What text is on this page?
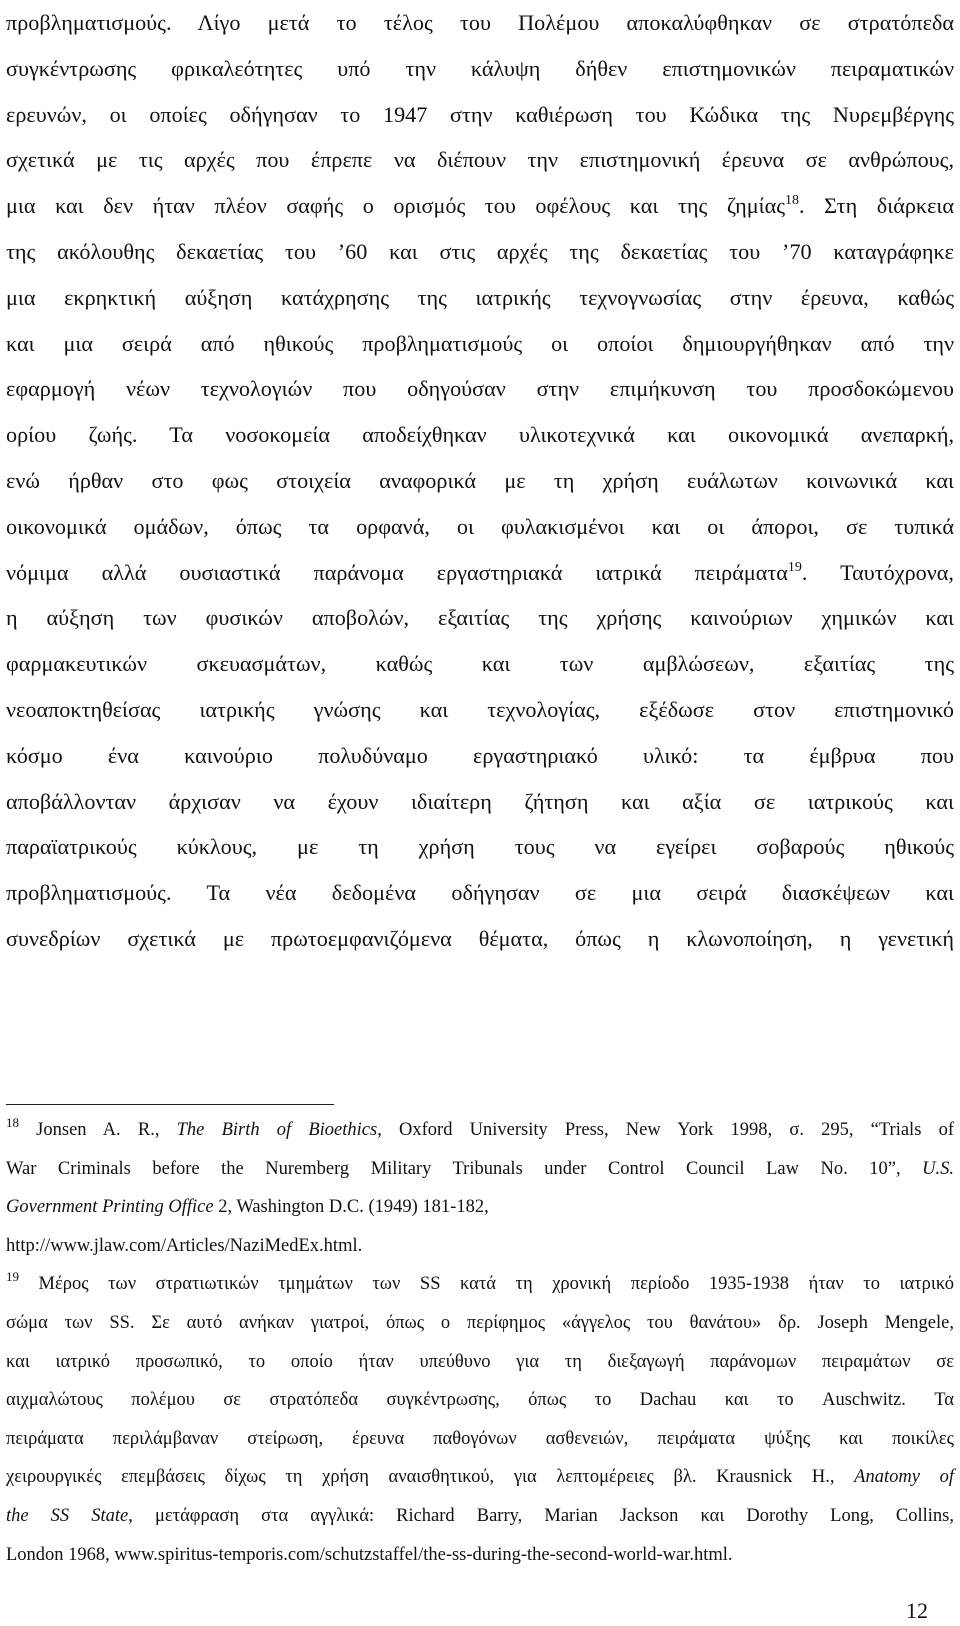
προβληματισμούς. Λίγο μετά το τέλος του Πολέμου αποκαλύφθηκαν σε στρατόπεδα
συγκέντρωσης φρικαλεότητες υπό την κάλυψη δήθεν επιστημονικών πειραματικών
ερευνών, οι οποίες οδήγησαν το 1947 στην καθιέρωση του Κώδικα της Νυρεμβέργης
σχετικά με τις αρχές που έπρεπε να διέπουν την επιστημονική έρευνα σε ανθρώπους,
μια και δεν ήταν πλέον σαφής ο ορισμός του οφέλους και της ζημίας$^{18}$. Στη διάρκεια
της ακόλουθης δεκαετίας του ’60 και στις αρχές της δεκαετίας του ’70 καταγράφηκε
μια εκρηκτική αύξηση κατάχρησης της ιατρικής τεχνογνωσίας στην έρευνα, καθώς
και μια σειρά από ηθικούς προβληματισμούς οι οποίοι δημιουργήθηκαν από την
εφαρμογή νέων τεχνολογιών που οδηγούσαν στην επιμήκυνση του προσδοκώμενου
ορίου ζωής. Τα νοσοκομεία αποδείχθηκαν υλικοτεχνικά και οικονομικά ανεπαρκή,
ενώ ήρθαν στο φως στοιχεία αναφορικά με τη χρήση ευάλωτων κοινωνικά και
οικονομικά ομάδων, όπως τα ορφανά, οι φυλακισμένοι και οι άποροι, σε τυπικά
νόμιμα αλλά ουσιαστικά παράνομα εργαστηριακά ιατρικά πειράματα$^{19}$. Ταυτόχρονα,
η αύξηση των φυσικών αποβολών, εξαιτίας της χρήσης καινούριων χημικών και
φαρμακευτικών σκευασμάτων, καθώς και των αμβλώσεων, εξαιτίας της
νεοαποκτηθείσας ιατρικής γνώσης και τεχνολογίας, εξέδωσε στον επιστημονικό
κόσμο ένα καινούριο πολυδύναμο εργαστηριακό υλικό: τα έμβρυα που
αποβάλλονταν άρχισαν να έχουν ιδιαίτερη ζήτηση και αξία σε ιατρικούς και
παραϊατρικούς κύκλους, με τη χρήση τους να εγείρει σοβαρούς ηθικούς
προβληματισμούς. Τα νέα δεδομένα οδήγησαν σε μια σειρά διασκέψεων και
συνεδρίων σχετικά με πρωτοεμφανιζόμενα θέματα, όπως η κλωνοποίηση, η γενετική

$^{18}$ Jonsen A. R., The Birth of Bioethics, Oxford University Press, New York 1998, σ. 295, “Trials of
War Criminals before the Nuremberg Military Tribunals under Control Council Law No. 10”, U.S.
Government Printing Office 2, Washington D.C. (1949) 181-182,
http://www.jlaw.com/Articles/NaziMedEx.html.
$^{19}$ Μέρος των στρατιωτικών τμημάτων των SS κατά τη χρονική περίοδο 1935-1938 ήταν το ιατρικό
σώμα των SS. Σε αυτό ανήκαν γιατροί, όπως ο περίφημος «άγγελος του θανάτου» δρ. Joseph Mengele,
και ιατρικό προσωπικό, το οποίο ήταν υπεύθυνο για τη διεξαγωγή παράνομων πειραμάτων σε
αιχμαλώτους πολέμου σε στρατόπεδα συγκέντρωσης, όπως το Dachau και το Auschwitz. Τα
πειράματα περιλάμβαναν στείρωση, έρευνα παθογόνων ασθενειών, πειράματα ψύξης και ποικίλες
χειρουργικές επεμβάσεις δίχως τη χρήση αναισθητικού, για λεπτομέρειες βλ. Krausnick H., Anatomy of
the SS State, μετάφραση στα αγγλικά: Richard Barry, Marian Jackson και Dorothy Long, Collins,
London 1968, www.spiritus-temporis.com/schutzstaffel/the-ss-during-the-second-world-war.html.
12
